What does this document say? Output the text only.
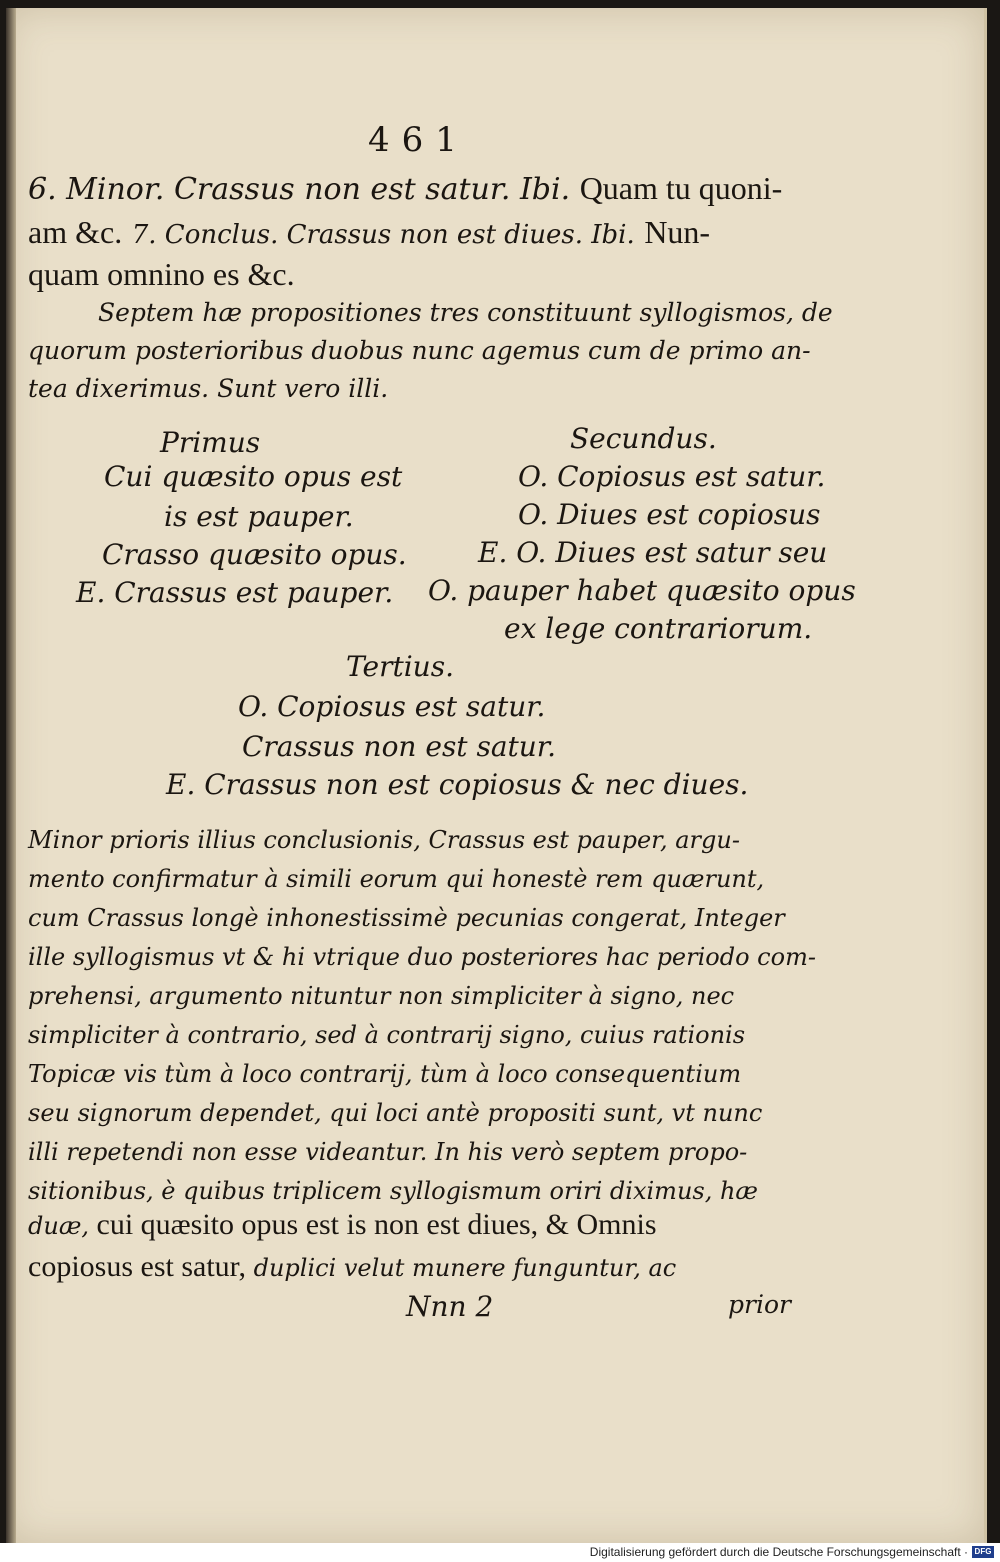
461
6. Minor. Crassus non est satur. Ibi. Quam tu quoni-
am &c. 7. Conclus. Crassus non est diues. Ibi. Nun-
quam omnino es &c.
Septem hæ propositiones tres constituunt syllogismos, de
quorum posterioribus duobus nunc agemus cum de primo an-
tea dixerimus. Sunt vero illi.
Primus
Cui quæsito opus est
is est pauper.
Crasso quæsito opus.
E. Crassus est pauper.
Secundus.
O. Copiosus est satur.
O. Diues est copiosus
E. O. Diues est satur seu
O. pauper habet quæsito opus
ex lege contrariorum.
Tertius.
O. Copiosus est satur.
Crassus non est satur.
E. Crassus non est copiosus & nec diues.
Minor prioris illius conclusionis, Crassus est pauper, argu-
mento confirmatur à simili eorum qui honestè rem quærunt,
cum Crassus longè inhonestissimè pecunias congerat, Integer
ille syllogismus vt & hi vtrique duo posteriores hac periodo com-
prehensi, argumento nituntur non simpliciter à signo, nec
simpliciter à contrario, sed à contrarij signo, cuius rationis
Topicæ vis tùm à loco contrarij, tùm à loco consequentium
seu signorum dependet, qui loci antè propositi sunt, vt nunc
illi repetendi non esse videantur. In his verò septem propo-
sitionibus, è quibus triplicem syllogismum oriri diximus, hæ
duæ, cui quæsito opus est is non est diues, & Omnis
copiosus est satur, duplici velut munere funguntur, ac
Nnn 2	prior
Digitalisierung gefördert durch die Deutsche Forschungsgemeinschaft · DFG
